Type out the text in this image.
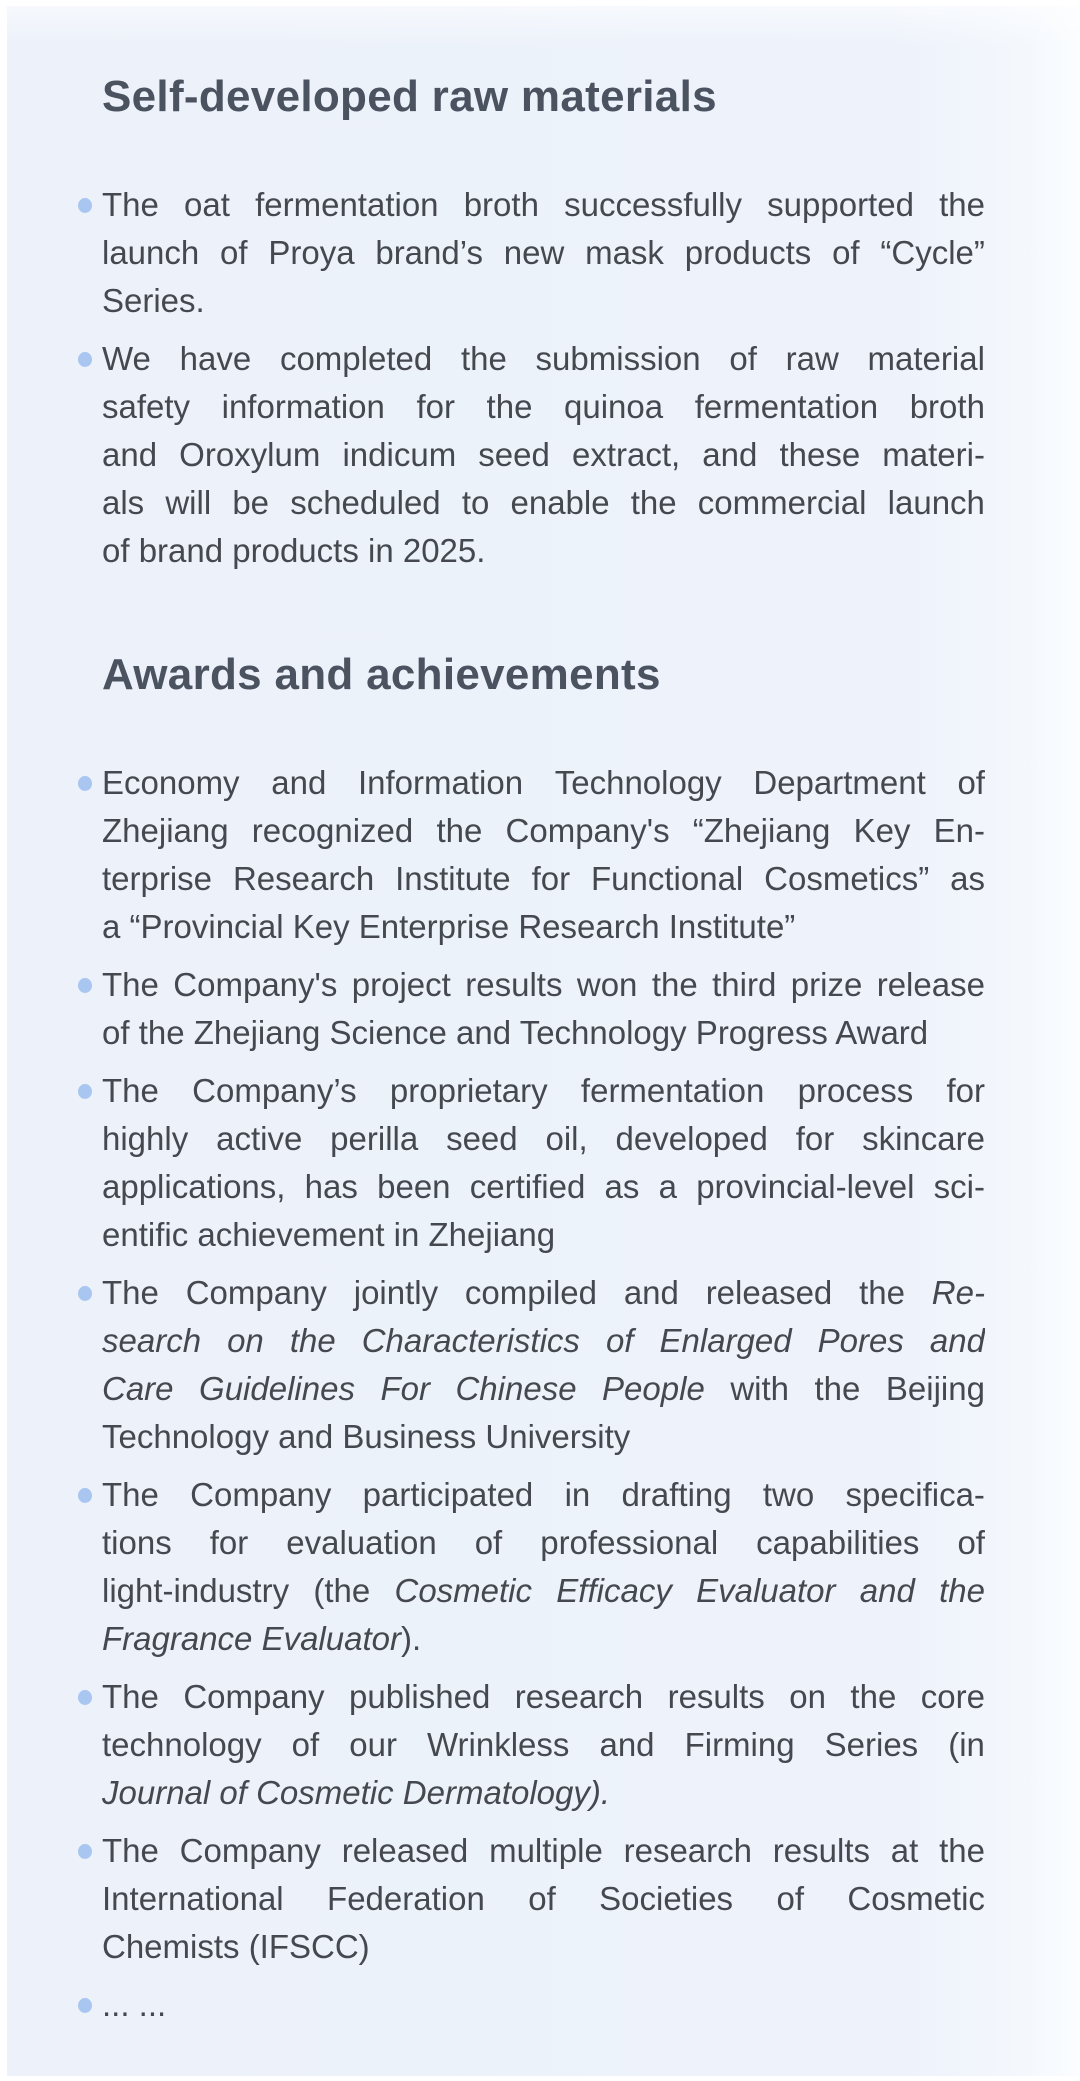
Self-developed raw materials
The oat fermentation broth successfully supported the
launch of Proya brand’s new mask products of “Cycle”
Series.
We have completed the submission of raw material
safety information for the quinoa fermentation broth
and Oroxylum indicum seed extract, and these materi-
als will be scheduled to enable the commercial launch
of brand products in 2025.
Awards and achievements
Economy and Information Technology Department of
Zhejiang recognized the Company's “Zhejiang Key En-
terprise Research Institute for Functional Cosmetics” as
a “Provincial Key Enterprise Research Institute”
The Company's project results won the third prize release
of the Zhejiang Science and Technology Progress Award
The Company’s proprietary fermentation process for
highly active perilla seed oil, developed for skincare
applications, has been certified as a provincial-level sci-
entific achievement in Zhejiang
The Company jointly compiled and released the Re-
search on the Characteristics of Enlarged Pores and
Care Guidelines For Chinese People with the Beijing
Technology and Business University
The Company participated in drafting two specifica-
tions for evaluation of professional capabilities of
light-industry (the Cosmetic Efficacy Evaluator and the
Fragrance Evaluator).
The Company published research results on the core
technology of our Wrinkless and Firming Series (in
Journal of Cosmetic Dermatology).
The Company released multiple research results at the
International Federation of Societies of Cosmetic
Chemists (IFSCC)
... ...
